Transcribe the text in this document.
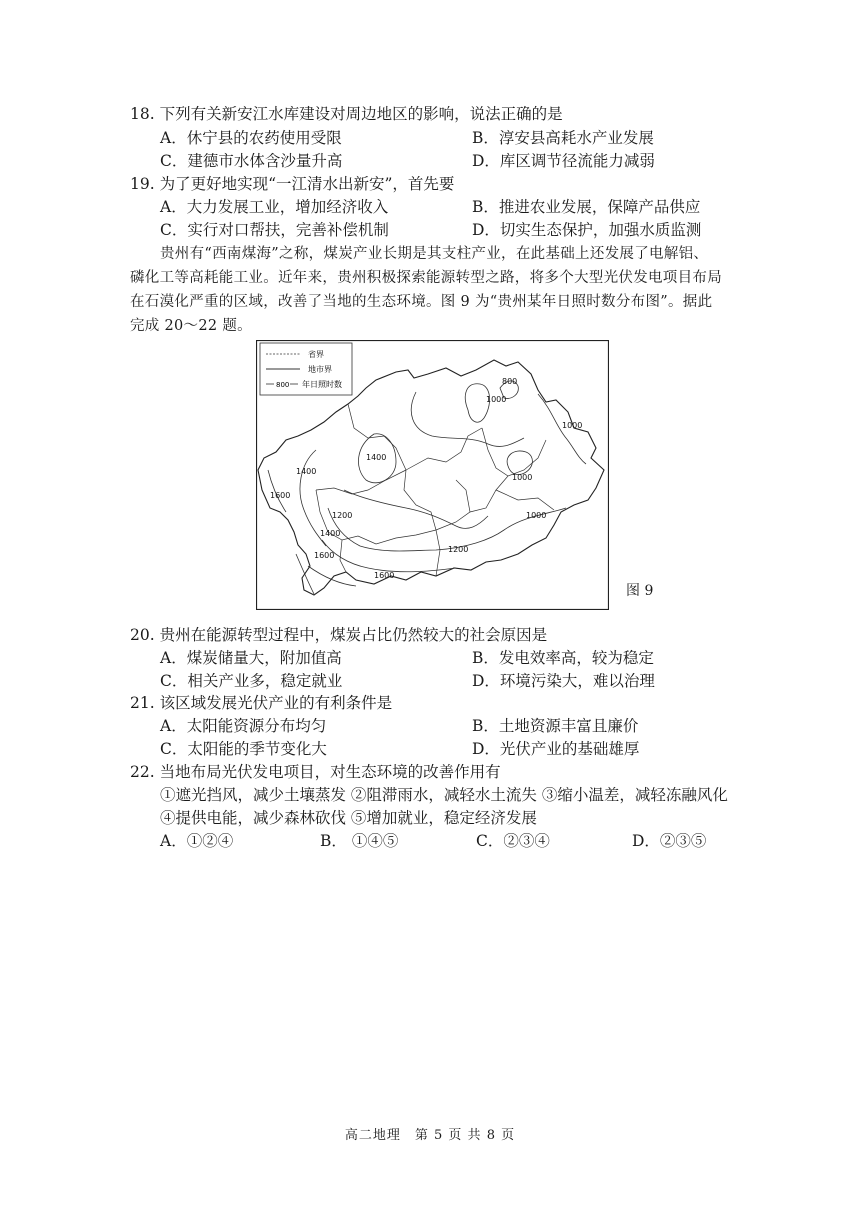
18. 下列有关新安江水库建设对周边地区的影响，说法正确的是
A．休宁县的农药使用受限	B．淳安县高耗水产业发展
C．建德市水体含沙量升高	D．库区调节径流能力减弱
19. 为了更好地实现“一江清水出新安”，首先要
A．大力发展工业，增加经济收入	B．推进农业发展，保障产品供应
C．实行对口帮扶，完善补偿机制	D．切实生态保护，加强水质监测
贵州有“西南煤海”之称，煤炭产业长期是其支柱产业，在此基础上还发展了电解铝、
磷化工等高耗能工业。近年来，贵州积极探索能源转型之路，将多个大型光伏发电项目布局
在石漠化严重的区域，改善了当地的生态环境。图 9 为“贵州某年日照时数分布图”。据此
完成 20～22 题。
省界
地市界
800 年日照时数	800
1000
1000
1400
1400
1600
1200
1000
1000
1200
1400
1600
1600
图 9
20. 贵州在能源转型过程中，煤炭占比仍然较大的社会原因是
A．煤炭储量大，附加值高	B．发电效率高，较为稳定
C．相关产业多，稳定就业	D．环境污染大，难以治理
21. 该区域发展光伏产业的有利条件是
A．太阳能资源分布均匀	B．土地资源丰富且廉价
C．太阳能的季节变化大	D．光伏产业的基础雄厚
22. 当地布局光伏发电项目，对生态环境的改善作用有
①遮光挡风，减少土壤蒸发 ②阻滞雨水，减轻水土流失 ③缩小温差，减轻冻融风化
④提供电能，减少森林砍伐 ⑤增加就业，稳定经济发展
A．①②④	B． ①④⑤	C．②③④	D．②③⑤
高二地理　第 5 页 共 8 页
